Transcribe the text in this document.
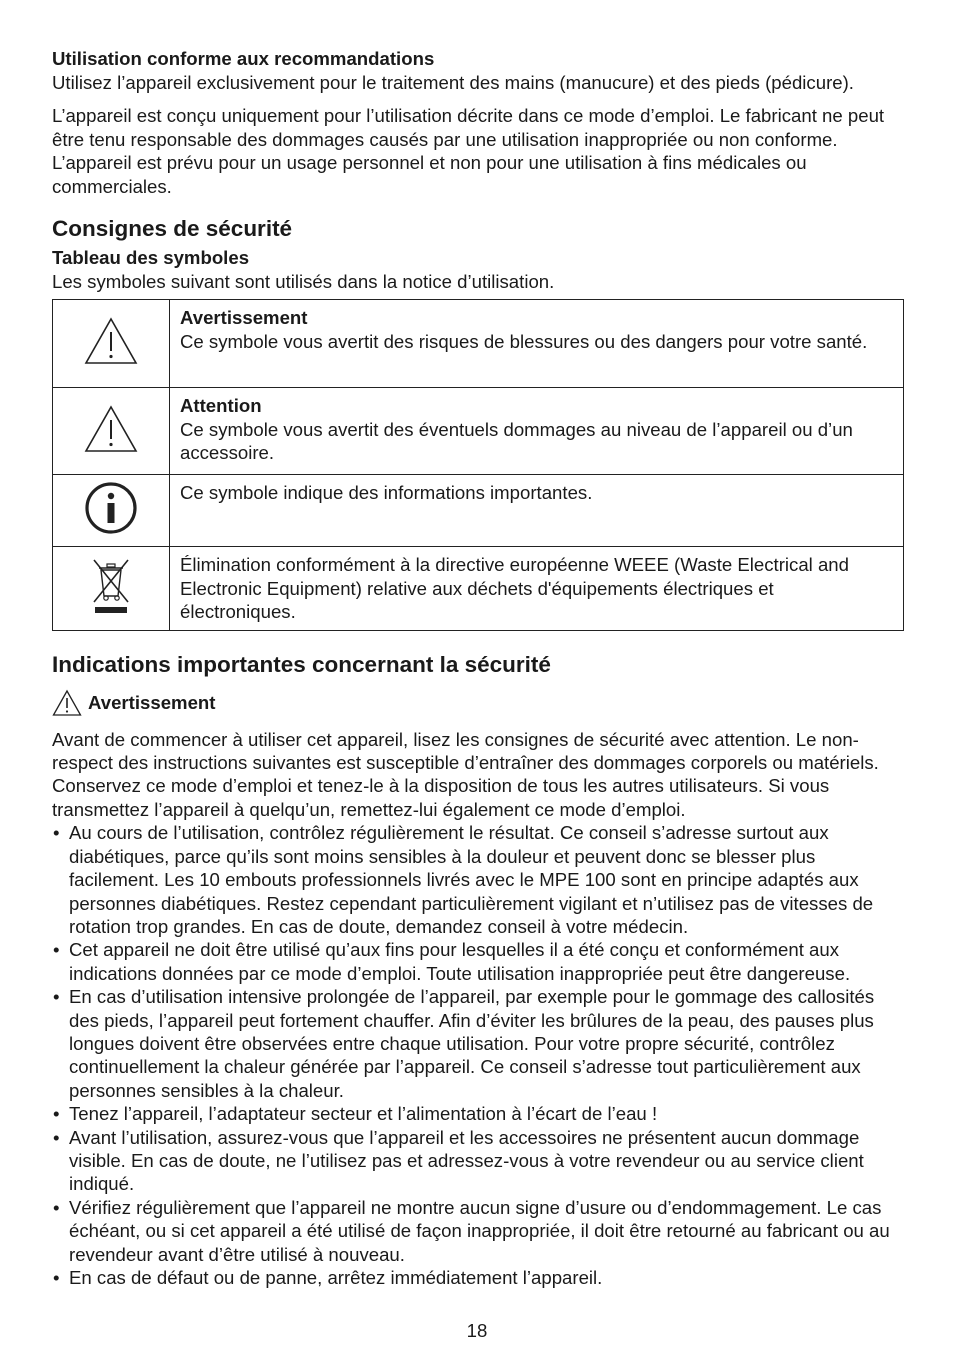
Utilisation conforme aux recommandations

Utilisez l’appareil exclusivement pour le traitement des mains (manucure) et des pieds (pédicure).

L’appareil est conçu uniquement pour l’utilisation décrite dans ce mode d’emploi. Le fabricant ne peut être tenu responsable des dommages causés par une utilisation inappropriée ou non conforme. L’appareil est prévu pour un usage personnel et non pour une utilisation à fins médicales ou commerciales.

Consignes de sécurité

Tableau des symboles

Les symboles suivant sont utilisés dans la notice d’utilisation.

Avertissement
Ce symbole vous avertit des risques de blessures ou des dangers pour votre santé.

Attention
Ce symbole vous avertit des éventuels dommages au niveau de l’appareil ou d’un accessoire.

Ce symbole indique des informations importantes.

Élimination conformément à la directive européenne WEEE (Waste Electrical and Electronic Equipment) relative aux déchets d'équipements électriques et électroniques.

Indications importantes concernant la sécurité

Avertissement

Avant de commencer à utiliser cet appareil, lisez les consignes de sécurité avec attention. Le non-respect des instructions suivantes est susceptible d’entraîner des dommages corporels ou matériels. Conservez ce mode d’emploi et tenez-le à la disposition de tous les autres utilisateurs. Si vous transmettez l’appareil à quelqu’un, remettez-lui également ce mode d’emploi.

• Au cours de l’utilisation, contrôlez régulièrement le résultat. Ce conseil s’adresse surtout aux diabétiques, parce qu’ils sont moins sensibles à la douleur et peuvent donc se blesser plus facilement. Les 10 embouts professionnels livrés avec le MPE 100 sont en principe adaptés aux personnes diabétiques. Restez cependant particulièrement vigilant et n’utilisez pas de vitesses de rotation trop grandes. En cas de doute, demandez conseil à votre médecin.
• Cet appareil ne doit être utilisé qu’aux fins pour lesquelles il a été conçu et conformément aux indications données par ce mode d’emploi. Toute utilisation inappropriée peut être dangereuse.
• En cas d’utilisation intensive prolongée de l’appareil, par exemple pour le gommage des callosités des pieds, l’appareil peut fortement chauffer. Afin d’éviter les brûlures de la peau, des pauses plus longues doivent être observées entre chaque utilisation. Pour votre propre sécurité, contrôlez continuellement la chaleur générée par l’appareil. Ce conseil s’adresse tout particulièrement aux personnes sensibles à la chaleur.
• Tenez l’appareil, l’adaptateur secteur et l’alimentation à l’écart de l’eau !
• Avant l’utilisation, assurez-vous que l’appareil et les accessoires ne présentent aucun dommage visible. En cas de doute, ne l’utilisez pas et adressez-vous à votre revendeur ou au service client indiqué.
• Vérifiez régulièrement que l’appareil ne montre aucun signe d’usure ou d’endommagement. Le cas échéant, ou si cet appareil a été utilisé de façon inappropriée, il doit être retourné au fabricant ou au revendeur avant d’être utilisé à nouveau.
• En cas de défaut ou de panne, arrêtez immédiatement l’appareil.
18
